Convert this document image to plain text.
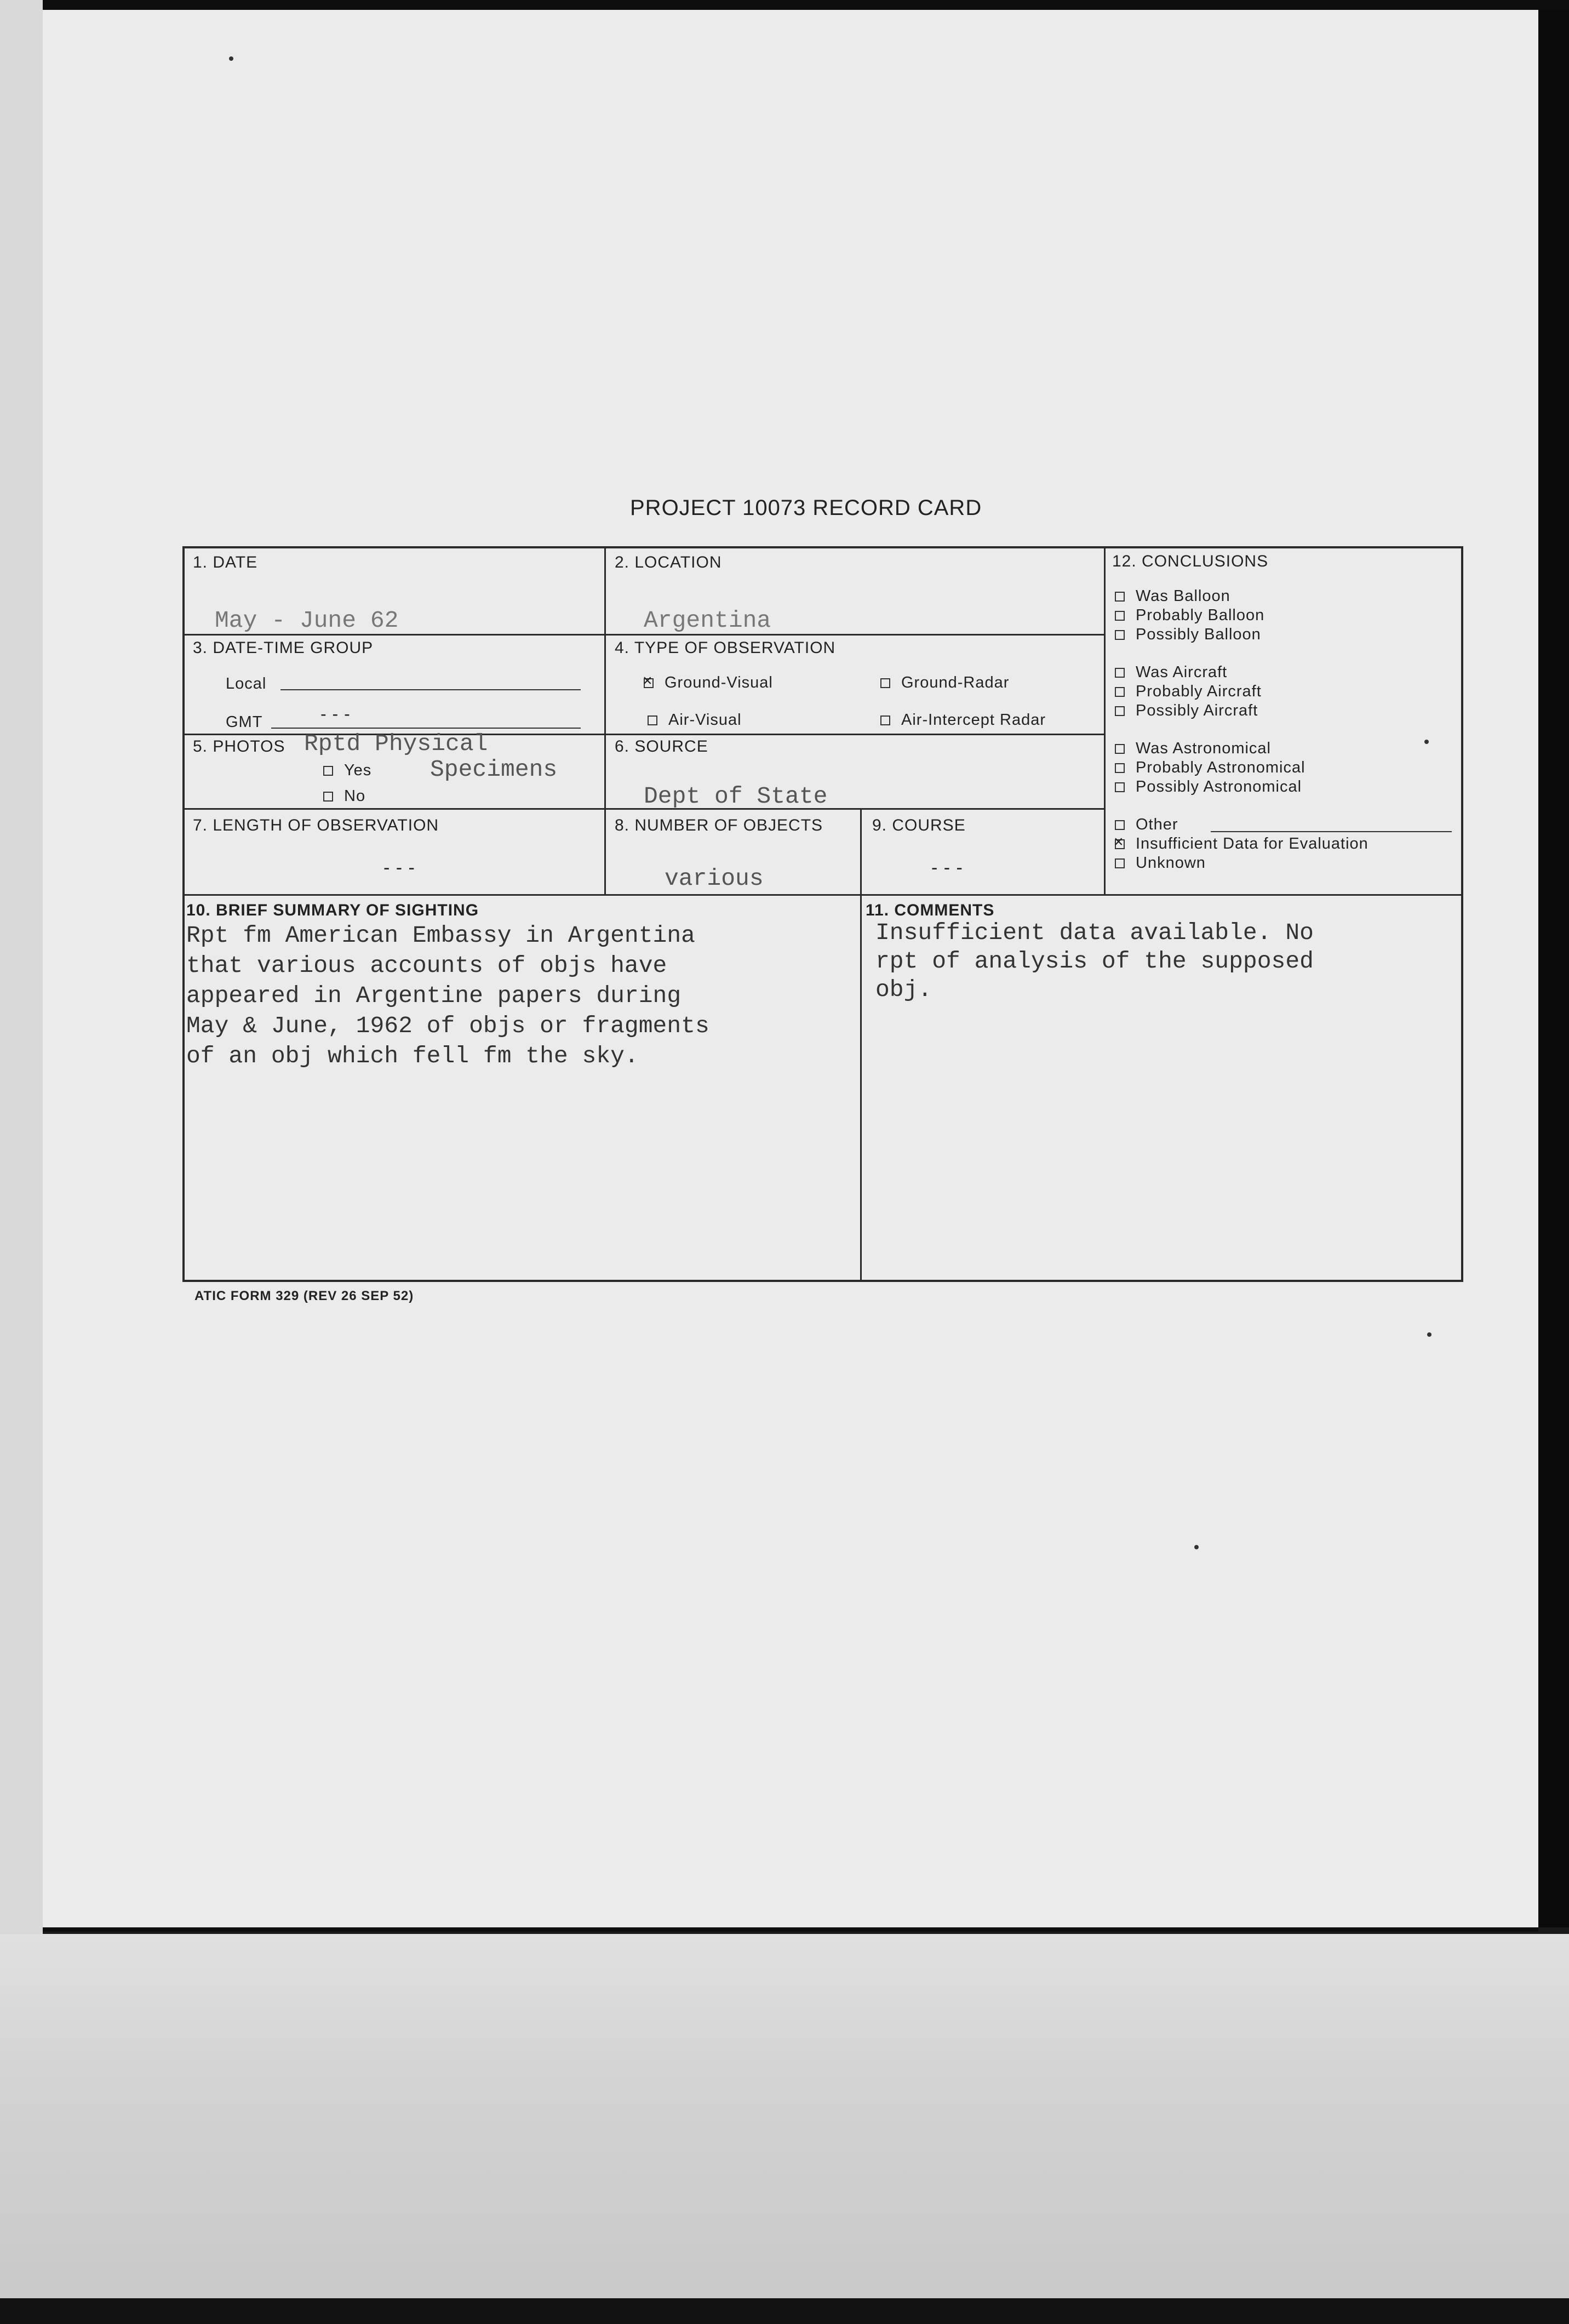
PROJECT 10073 RECORD CARD
1. DATE
May - June 62
2. LOCATION
Argentina
3. DATE-TIME GROUP
Local
GMT	- - -
4. TYPE OF OBSERVATION
×Ground-Visual	Ground-Radar
Air-Visual	Air-Intercept Radar
5. PHOTOS Rptd Physical
Specimens
Yes
No
6. SOURCE
Dept of State
7. LENGTH OF OBSERVATION
- - -
8. NUMBER OF OBJECTS
various
9. COURSE
- - -
10. BRIEF SUMMARY OF SIGHTING
Rpt fm American Embassy in Argentina
that various accounts of objs have
appeared in Argentine papers during
May & June, 1962 of objs or fragments
of an obj which fell fm the sky.
11. COMMENTS
Insufficient data available. No
rpt of analysis of the supposed
obj.
12. CONCLUSIONS
Was Balloon
Probably Balloon
Possibly Balloon
Was Aircraft
Probably Aircraft
Possibly Aircraft
Was Astronomical
Probably Astronomical
Possibly Astronomical
Other
×Insufficient Data for Evaluation
Unknown
ATIC FORM 329 (REV 26 SEP 52)
